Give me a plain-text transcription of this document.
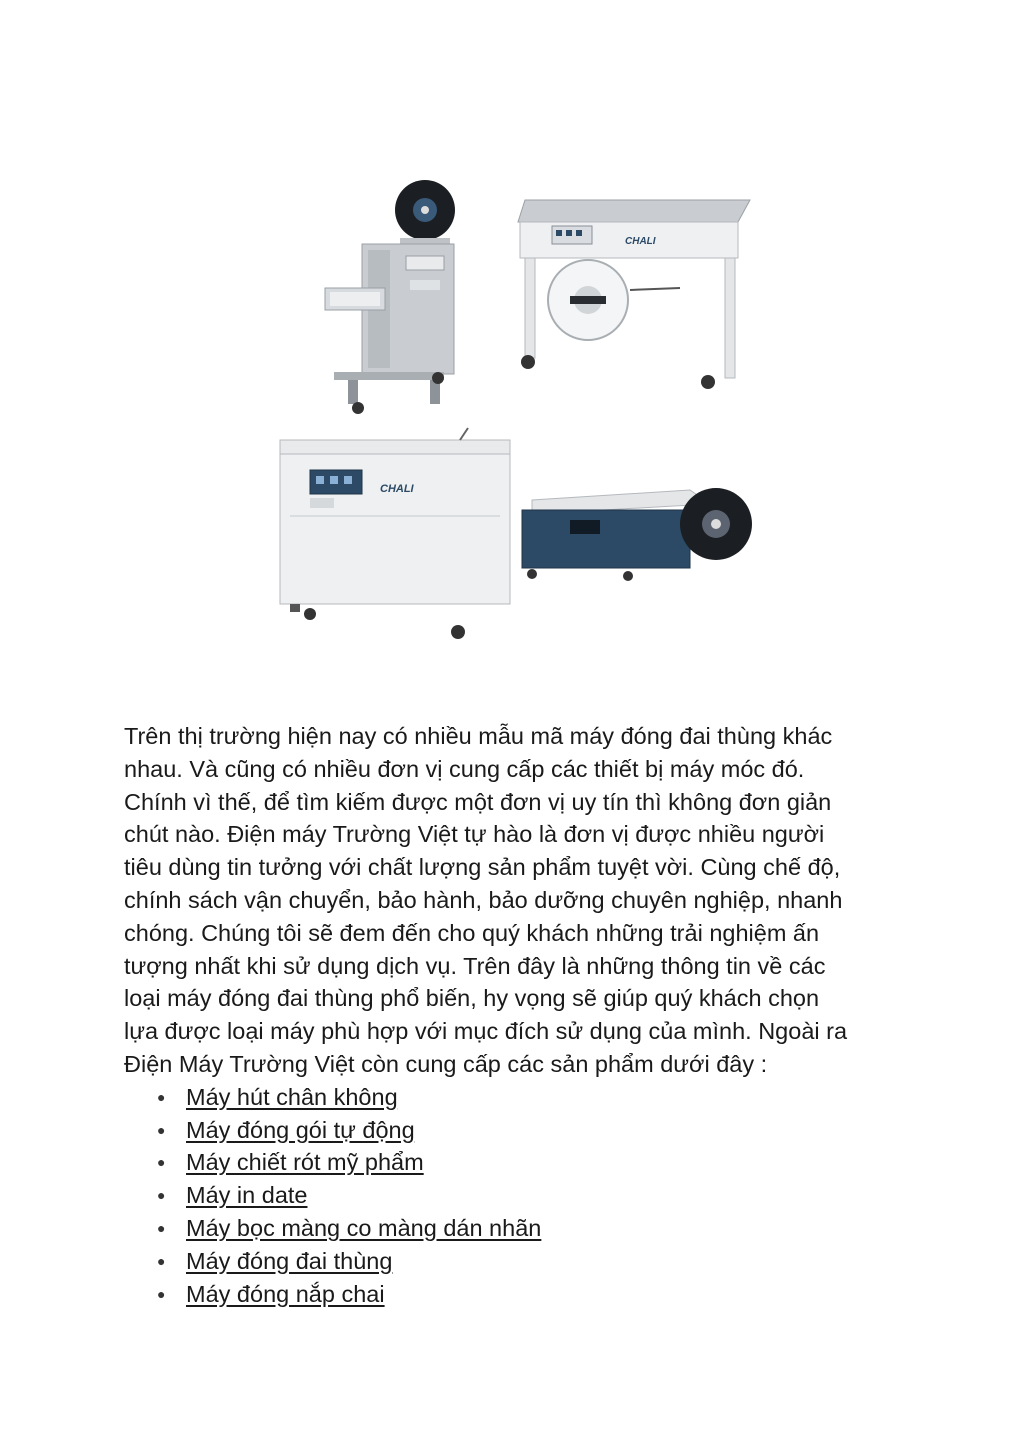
CHALI
CHALI

Trên thị trường hiện nay có nhiều mẫu mã máy đóng đai thùng khác
nhau. Và cũng có nhiều đơn vị cung cấp các thiết bị máy móc đó.
Chính vì thế, để tìm kiếm được một đơn vị uy tín thì không đơn giản
chút nào. Điện máy Trường Việt tự hào là đơn vị được nhiều người
tiêu dùng tin tưởng với chất lượng sản phẩm tuyệt vời. Cùng chế độ,
chính sách vận chuyển, bảo hành, bảo dưỡng chuyên nghiệp, nhanh
chóng. Chúng tôi sẽ đem đến cho quý khách những trải nghiệm ấn
tượng nhất khi sử dụng dịch vụ. Trên đây là những thông tin về các
loại máy đóng đai thùng phổ biến, hy vọng sẽ giúp quý khách chọn
lựa được loại máy phù hợp với mục đích sử dụng của mình. Ngoài ra
Điện Máy Trường Việt còn cung cấp các sản phẩm dưới đây :

● Máy hút chân không
● Máy đóng gói tự động
● Máy chiết rót mỹ phẩm
● Máy in date
● Máy bọc màng co màng dán nhãn
● Máy đóng đai thùng
● Máy đóng nắp chai
